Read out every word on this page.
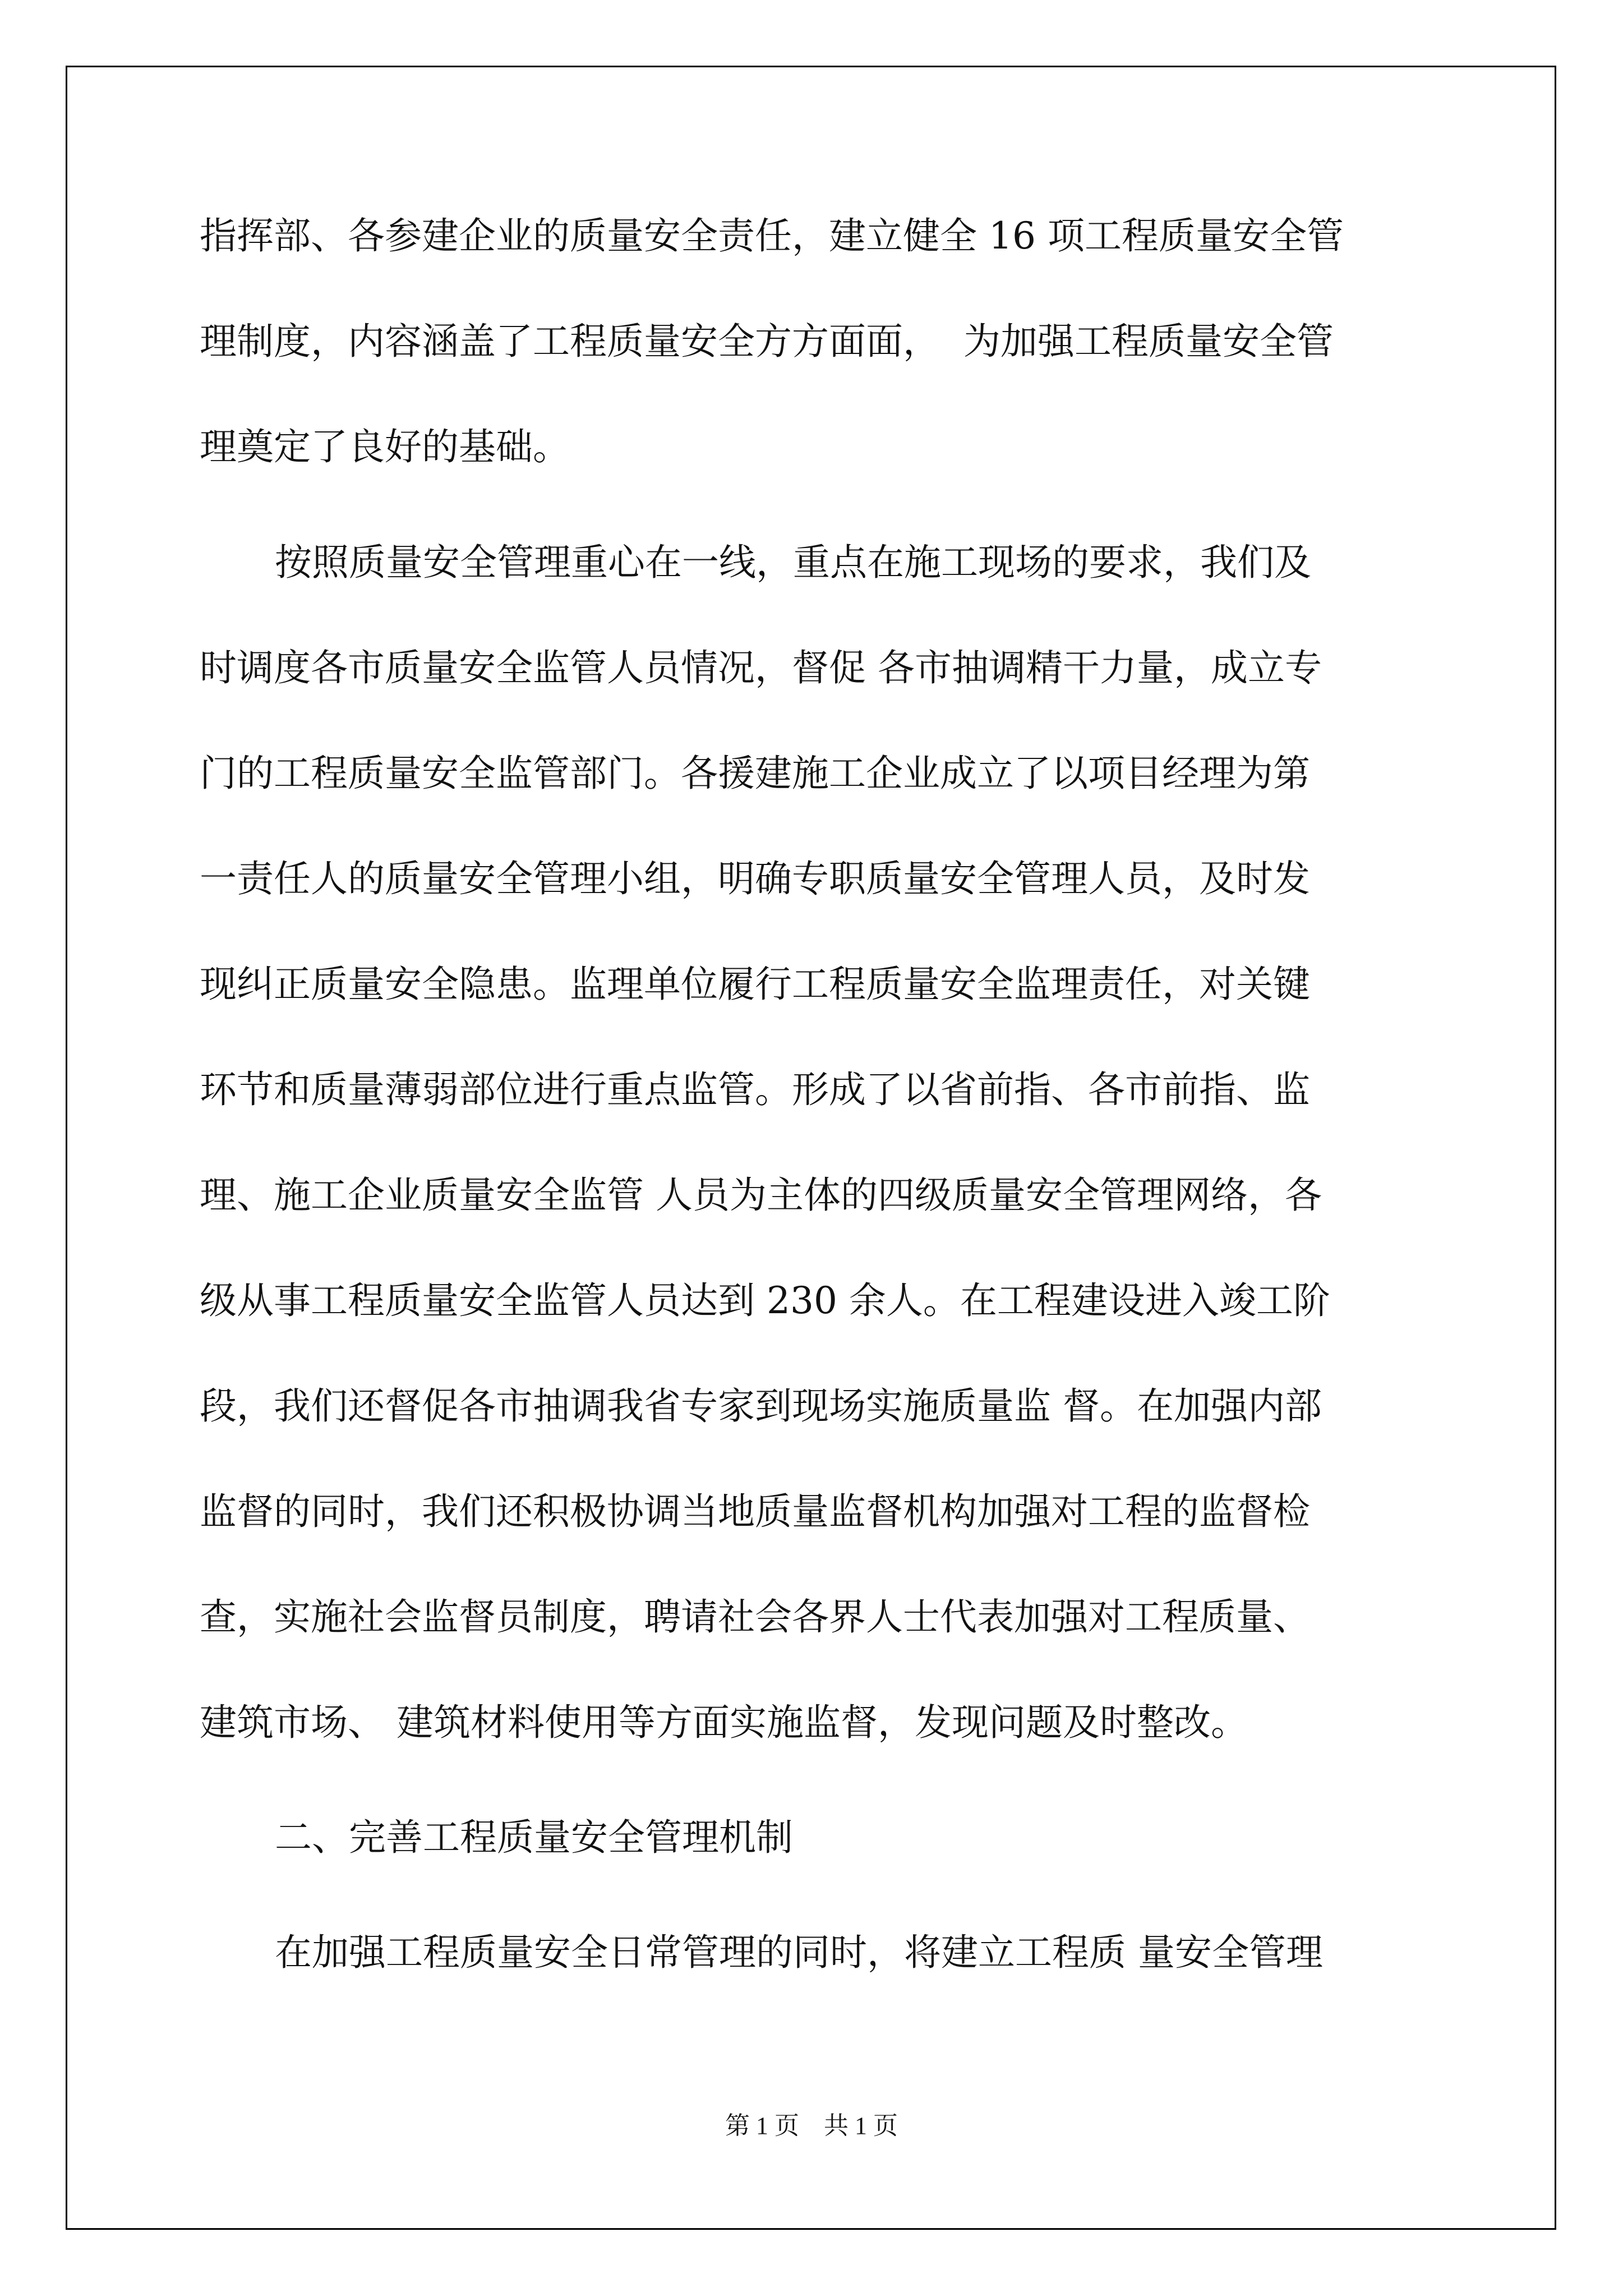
指挥部、各参建企业的质量安全责任，建立健全 16 项工程质量安全管
理制度，内容涵盖了工程质量安全方方面面，  为加强工程质量安全管
理奠定了良好的基础。
按照质量安全管理重心在一线，重点在施工现场的要求，我们及
时调度各市质量安全监管人员情况，督促 各市抽调精干力量，成立专
门的工程质量安全监管部门。各援建施工企业成立了以项目经理为第
一责任人的质量安全管理小组，明确专职质量安全管理人员，及时发
现纠正质量安全隐患。监理单位履行工程质量安全监理责任，对关键
环节和质量薄弱部位进行重点监管。形成了以省前指、各市前指、监
理、施工企业质量安全监管 人员为主体的四级质量安全管理网络，各
级从事工程质量安全监管人员达到 230 余人。在工程建设进入竣工阶
段，我们还督促各市抽调我省专家到现场实施质量监 督。在加强内部
监督的同时，我们还积极协调当地质量监督机构加强对工程的监督检
查，实施社会监督员制度，聘请社会各界人士代表加强对工程质量、
建筑市场、 建筑材料使用等方面实施监督，发现问题及时整改。
二、完善工程质量安全管理机制
在加强工程质量安全日常管理的同时，将建立工程质 量安全管理
第 1 页    共 1 页
